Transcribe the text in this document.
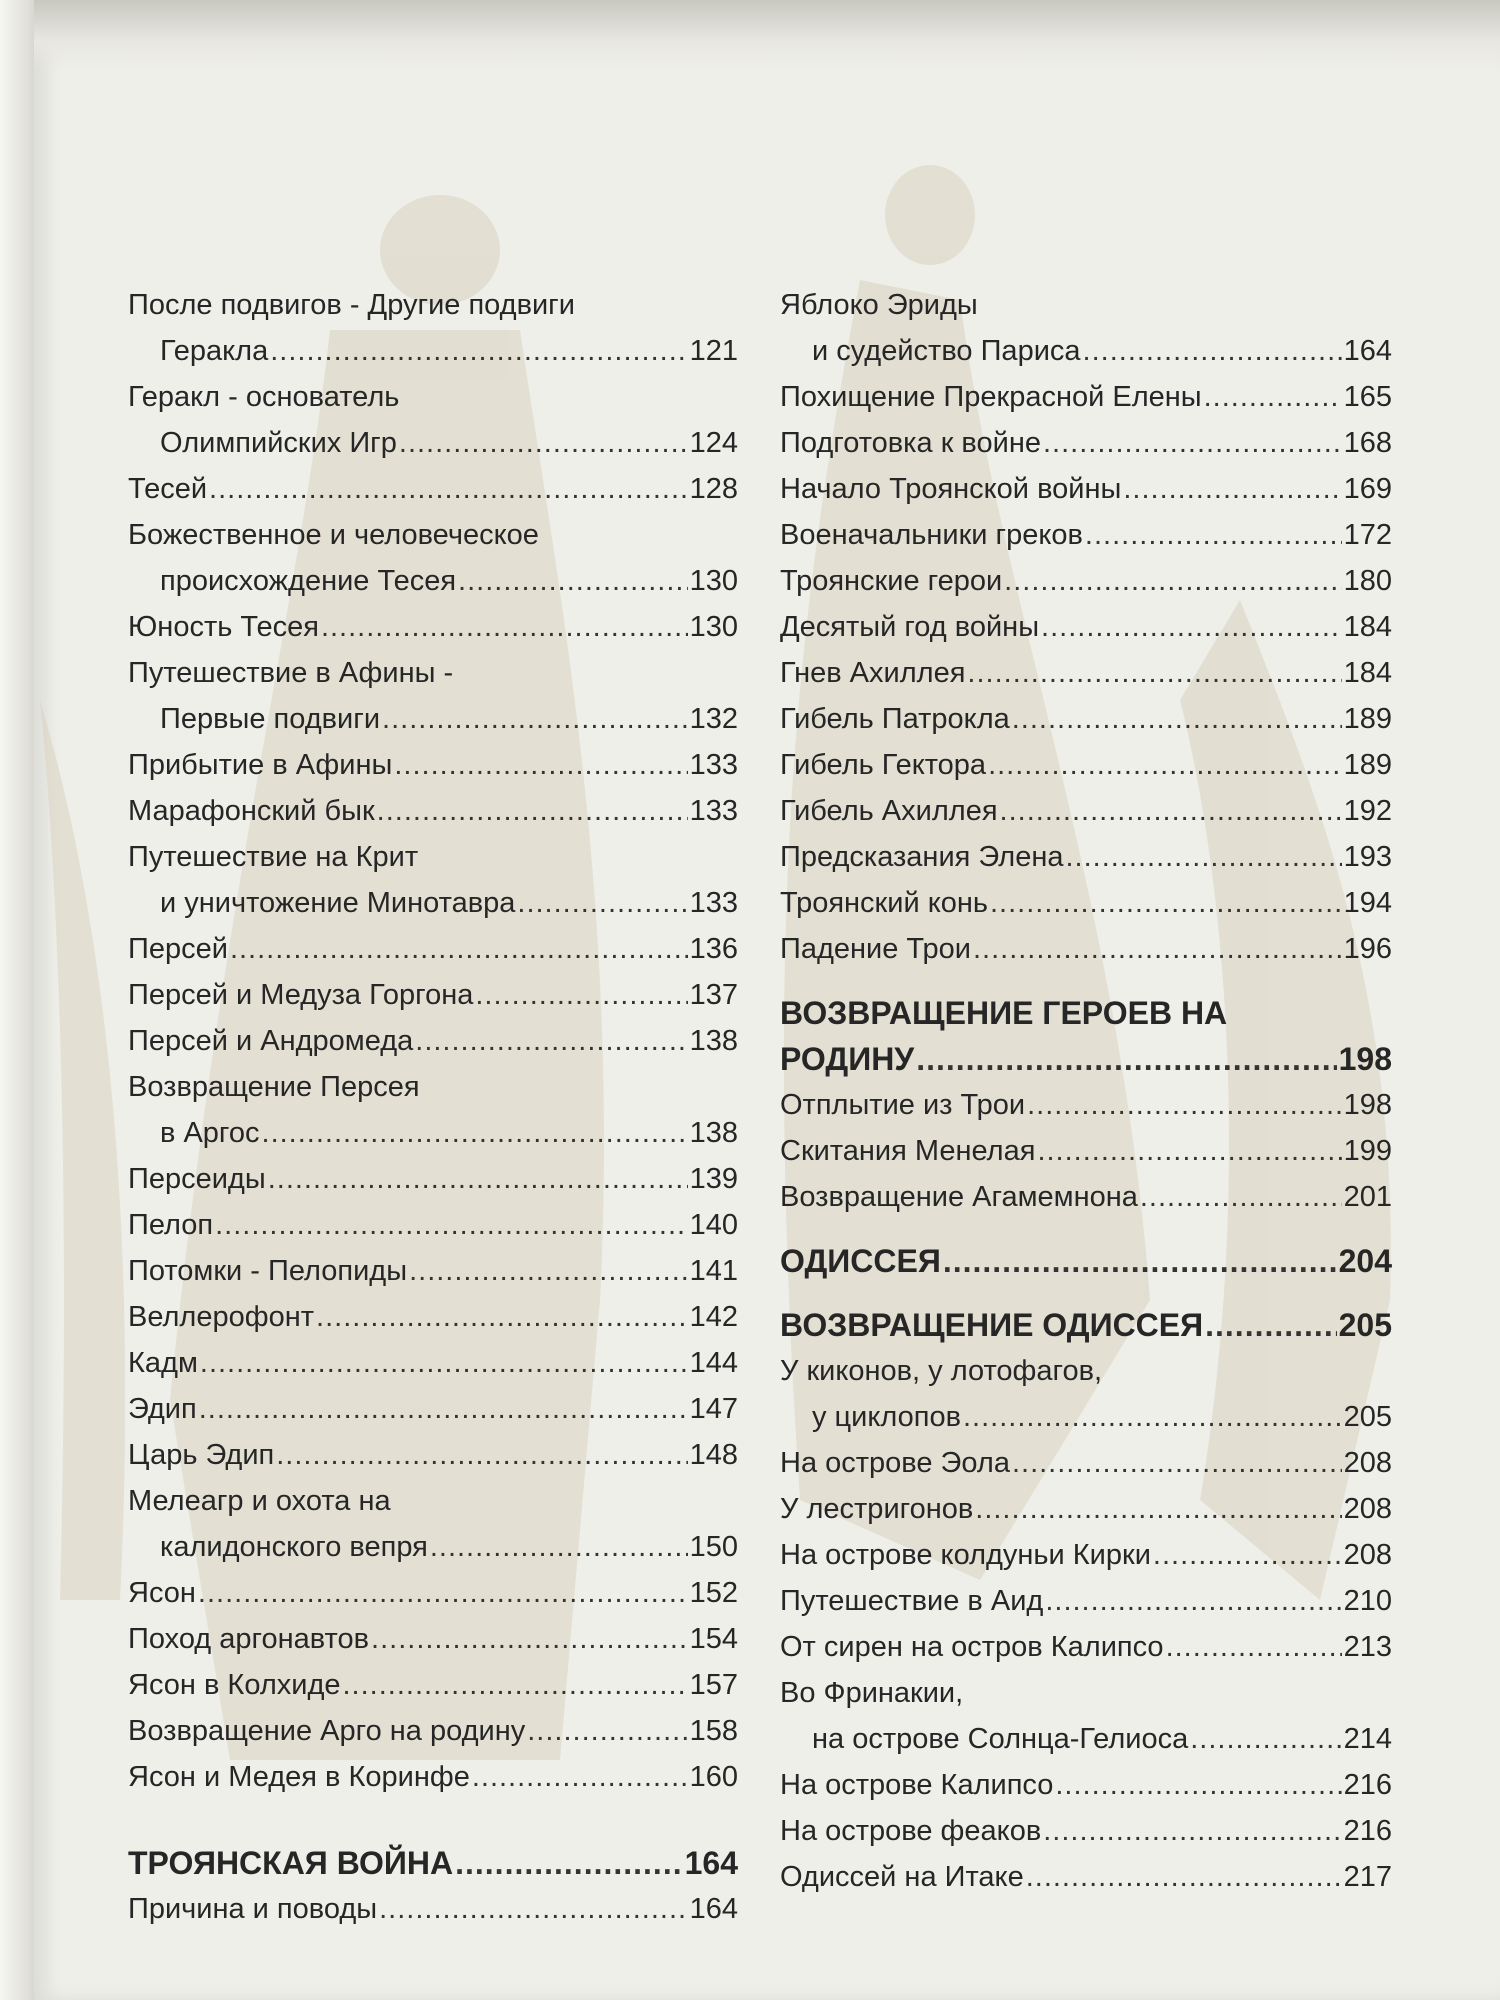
После подвигов - Другие подвиги
Геракла .....	121
Геракл - основатель
Олимпийских Игр .....	124
Тесей .....	128
Божественное и человеческое
происхождение Тесея .....	130
Юность Тесея .....	130
Путешествие в Афины -
Первые подвиги .....	132
Прибытие в Афины .....	133
Марафонский бык .....	133
Путешествие на Крит
и уничтожение Минотавра .....	133
Персей .....	136
Персей и Медуза Горгона .....	137
Персей и Андромеда .....	138
Возвращение Персея
в Аргос .....	138
Персеиды .....	139
Пелоп .....	140
Потомки - Пелопиды .....	141
Веллерофонт .....	142
Кадм .....	144
Эдип .....	147
Царь Эдип .....	148
Мелеагр и охота на
калидонского вепря .....	150
Ясон .....	152
Поход аргонавтов .....	154
Ясон в Колхиде .....	157
Возвращение Арго на родину .....	158
Ясон и Медея в Коринфе .....	160
ТРОЯНСКАЯ ВОЙНА .....	164
Причина и поводы .....	164
Яблоко Эриды
и судейство Париса .....	164
Похищение Прекрасной Елены .....	165
Подготовка к войне .....	168
Начало Троянской войны .....	169
Военачальники греков .....	172
Троянские герои .....	180
Десятый год войны .....	184
Гнев Ахиллея .....	184
Гибель Патрокла .....	189
Гибель Гектора .....	189
Гибель Ахиллея .....	192
Предсказания Элена .....	193
Троянский конь .....	194
Падение Трои .....	196
ВОЗВРАЩЕНИЕ ГЕРОЕВ НА
РОДИНУ .....	198
Отплытие из Трои .....	198
Скитания Менелая .....	199
Возвращение Агамемнона .....	201
ОДИССЕЯ .....	204
ВОЗВРАЩЕНИЕ ОДИССЕЯ .....	205
У киконов, у лотофагов,
у циклопов .....	205
На острове Эола .....	208
У лестригонов .....	208
На острове колдуньи Кирки .....	208
Путешествие в Аид .....	210
От сирен на остров Калипсо .....	213
Во Фринакии,
на острове Солнца-Гелиоса .....	214
На острове Калипсо .....	216
На острове феаков .....	216
Одиссей на Итаке .....	217
